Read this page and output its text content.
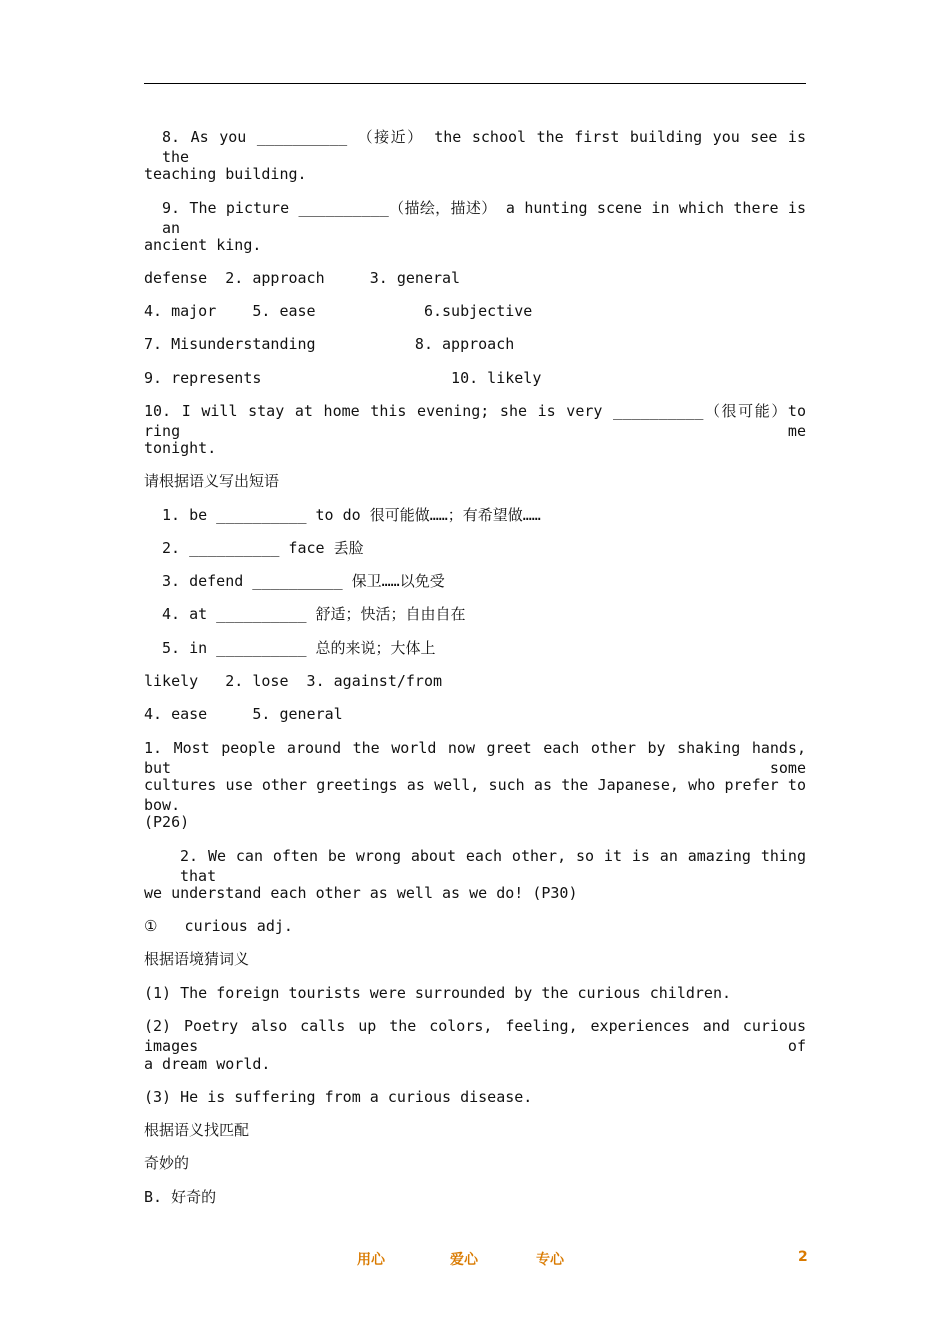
8. As you __________ （接近） the school the first building you see is the
teaching building.
9. The picture __________（描绘，描述） a hunting scene in which there is an
ancient king.
defense  2. approach     3. general
4. major    5. ease            6.subjective
7. Misunderstanding           8. approach
9. represents                     10. likely
10. I will stay at home this evening; she is very __________（很可能）to ring me
tonight.
请根据语义写出短语
1. be __________ to do 很可能做……；有希望做……
2. __________ face 丢脸
3. defend __________ 保卫……以免受
4. at __________ 舒适；快活；自由自在
5. in __________ 总的来说；大体上
likely   2. lose  3. against/from
4. ease     5. general
1. Most people around the world now greet each other by shaking hands, but some
cultures use other greetings as well, such as the Japanese, who prefer to bow.
(P26)
2. We can often be wrong about each other, so it is an amazing thing that
we understand each other as well as we do! (P30)
①   curious adj.
根据语境猜词义
(1) The foreign tourists were surrounded by the curious children.
(2) Poetry also calls up the colors, feeling, experiences and curious images of
a dream world.
(3) He is suffering from a curious disease.
根据语义找匹配
奇妙的
B. 好奇的
用心	爱心	专心	2
